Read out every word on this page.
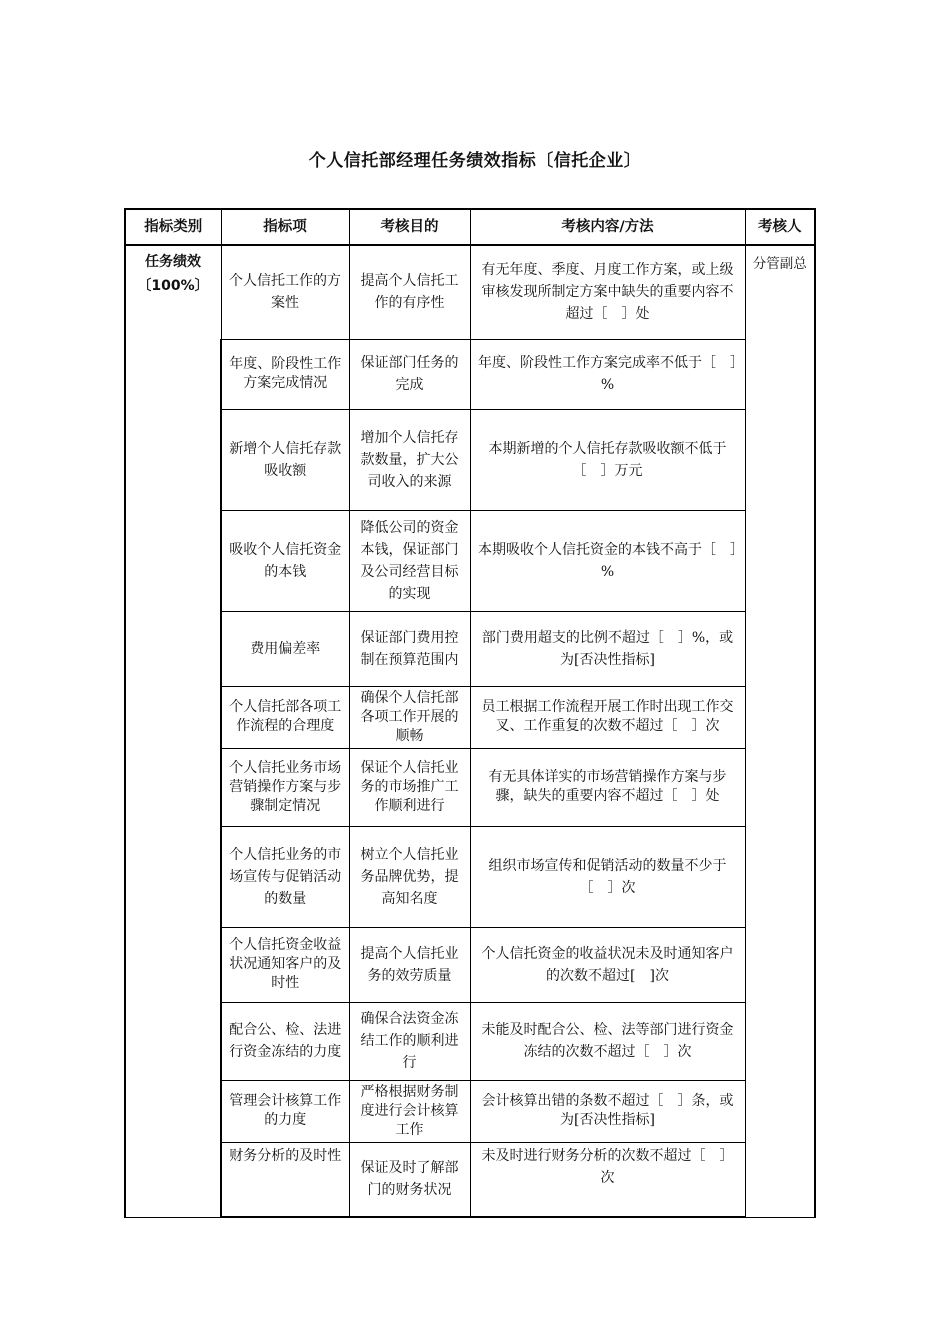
个人信托部经理任务绩效指标〔信托企业〕
指标类别	指标项	考核目的	考核内容/方法	考核人

任务绩效
〔100%〕	个人信托工作的方案性	提高个人信托工作的有序性	有无年度、季度、月度工作方案，或上级审核发现所制定方案中缺失的重要内容不超过［　］处	分管副总
	年度、阶段性工作方案完成情况	保证部门任务的完成	年度、阶段性工作方案完成率不低于［　］%	
	新增个人信托存款吸收额	增加个人信托存款数量，扩大公司收入的来源	本期新增的个人信托存款吸收额不低于［　］万元	
	吸收个人信托资金的本钱	降低公司的资金本钱，保证部门及公司经营目标的实现	本期吸收个人信托资金的本钱不高于［　］%	
	费用偏差率	保证部门费用控制在预算范围内	部门费用超支的比例不超过［　］%，或为[否决性指标]	
	个人信托部各项工作流程的合理度	确保个人信托部各项工作开展的顺畅	员工根据工作流程开展工作时出现工作交叉、工作重复的次数不超过［　］次	
	个人信托业务市场营销操作方案与步骤制定情况	保证个人信托业务的市场推广工作顺利进行	有无具体详实的市场营销操作方案与步骤，缺失的重要内容不超过［　］处	
	个人信托业务的市场宣传与促销活动的数量	树立个人信托业务品牌优势，提高知名度	组织市场宣传和促销活动的数量不少于［　］次	
	个人信托资金收益状况通知客户的及时性	提高个人信托业务的效劳质量	个人信托资金的收益状况未及时通知客户的次数不超过[　]次	
	配合公、检、法进行资金冻结的力度	确保合法资金冻结工作的顺利进行	未能及时配合公、检、法等部门进行资金冻结的次数不超过［　］次	
	管理会计核算工作的力度	严格根据财务制度进行会计核算工作	会计核算出错的条数不超过［　］条，或为[否决性指标]	
	财务分析的及时性	保证及时了解部门的财务状况	未及时进行财务分析的次数不超过［　］次	
